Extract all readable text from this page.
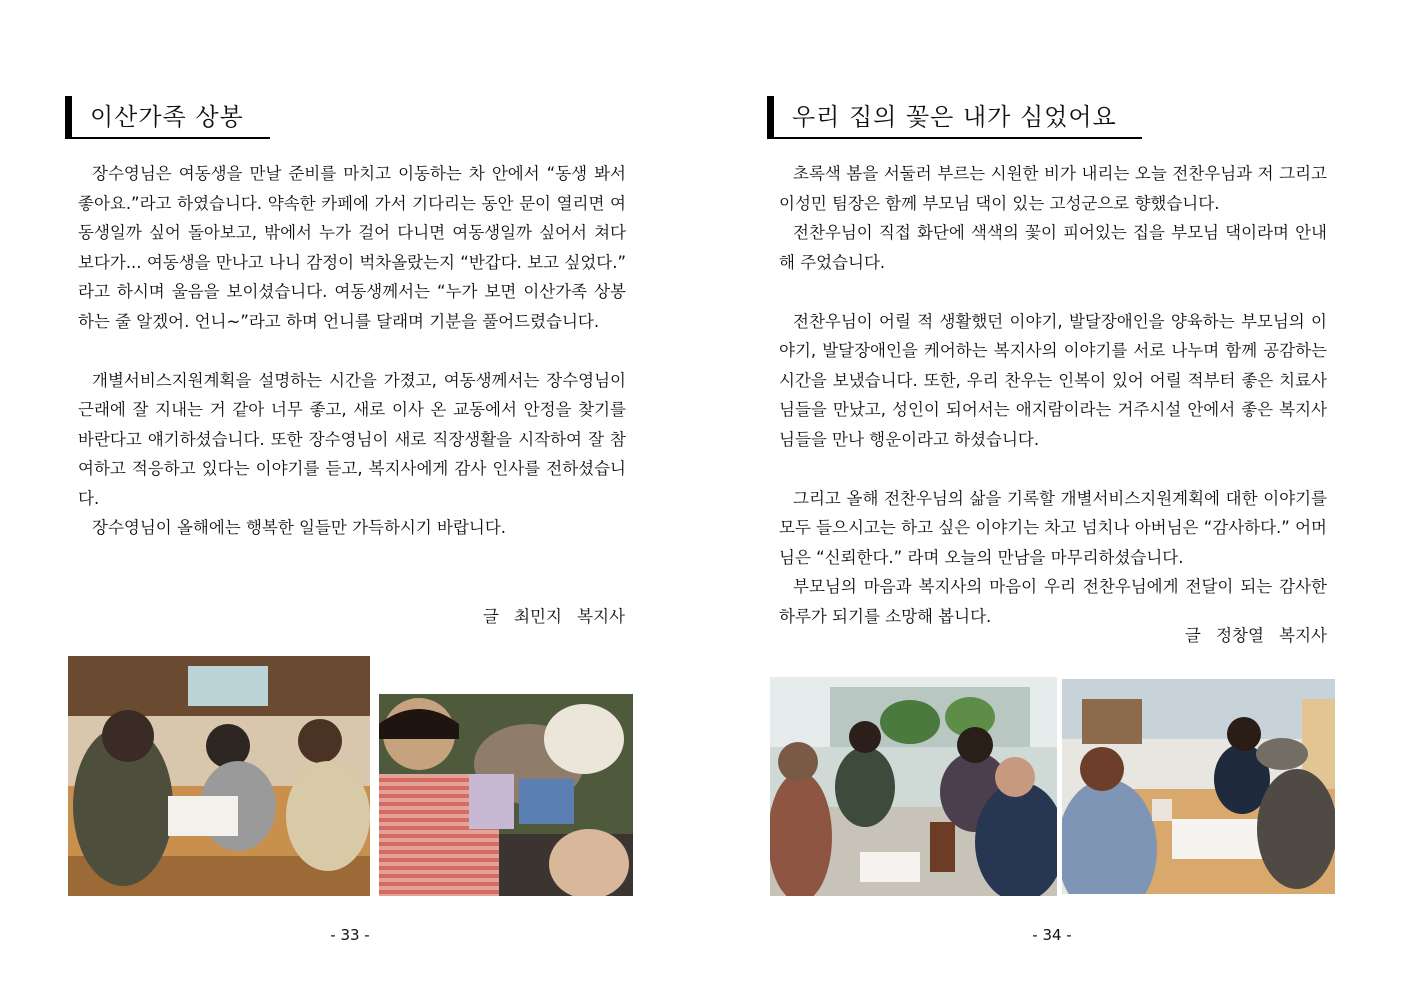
이산가족 상봉

장수영님은 여동생을 만날 준비를 마치고 이동하는 차 안에서 “동생 봐서 좋아요.”라고 하였습니다. 약속한 카페에 가서 기다리는 동안 문이 열리면 여동생일까 싶어 돌아보고, 밖에서 누가 걸어 다니면 여동생일까 싶어서 쳐다 보다가... 여동생을 만나고 나니 감정이 벅차올랐는지 “반갑다. 보고 싶었다.” 라고 하시며 울음을 보이셨습니다. 여동생께서는 “누가 보면 이산가족 상봉하는 줄 알겠어. 언니~”라고 하며 언니를 달래며 기분을 풀어드렸습니다.

개별서비스지원계획을 설명하는 시간을 가졌고, 여동생께서는 장수영님이 근래에 잘 지내는 거 같아 너무 좋고, 새로 이사 온 교동에서 안정을 찾기를 바란다고 얘기하셨습니다. 또한 장수영님이 새로 직장생활을 시작하여 잘 참여하고 적응하고 있다는 이야기를 듣고, 복지사에게 감사 인사를 전하셨습니다.

장수영님이 올해에는 행복한 일들만 가득하시기 바랍니다.

글 최민지 복지사
- 33 -
우리 집의 꽃은 내가 심었어요

초록색 봄을 서둘러 부르는 시원한 비가 내리는 오늘 전찬우님과 저 그리고 이성민 팀장은 함께 부모님 댁이 있는 고성군으로 향했습니다.

전찬우님이 직접 화단에 색색의 꽃이 피어있는 집을 부모님 댁이라며 안내해 주었습니다.

전찬우님이 어릴 적 생활했던 이야기, 발달장애인을 양육하는 부모님의 이야기, 발달장애인을 케어하는 복지사의 이야기를 서로 나누며 함께 공감하는 시간을 보냈습니다. 또한, 우리 찬우는 인복이 있어 어릴 적부터 좋은 치료사님들을 만났고, 성인이 되어서는 애지람이라는 거주시설 안에서 좋은 복지사님들을 만나 행운이라고 하셨습니다.

그리고 올해 전찬우님의 삶을 기록할 개별서비스지원계획에 대한 이야기를 모두 들으시고는 하고 싶은 이야기는 차고 넘치나 아버님은 “감사하다.” 어머님은 “신뢰한다.” 라며 오늘의 만남을 마무리하셨습니다.

부모님의 마음과 복지사의 마음이 우리 전찬우님에게 전달이 되는 감사한 하루가 되기를 소망해 봅니다.

글 정창열 복지사
- 34 -
